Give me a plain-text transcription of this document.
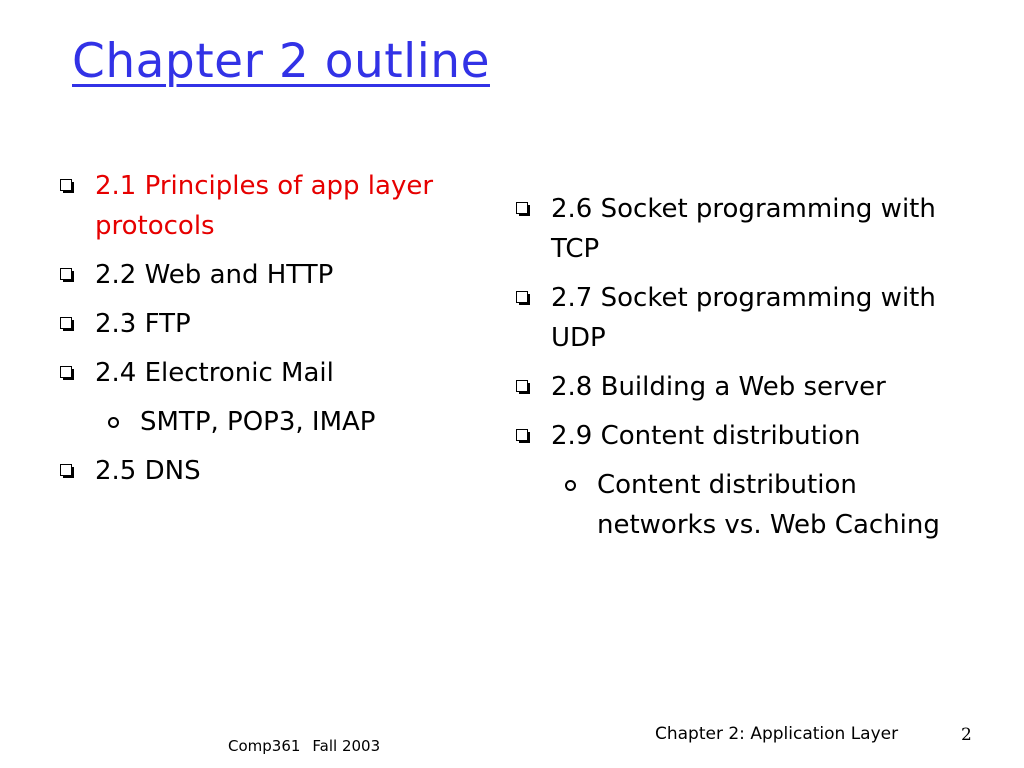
Chapter 2 outline
2.1 Principles of app layer protocols
2.2 Web and HTTP
2.3 FTP
2.4 Electronic Mail
SMTP, POP3, IMAP
2.5 DNS
2.6 Socket programming with TCP
2.7 Socket programming with UDP
2.8 Building a Web server
2.9 Content distribution
Content distribution networks vs. Web Caching
Comp361 Fall 2003
Chapter 2: Application Layer	2
